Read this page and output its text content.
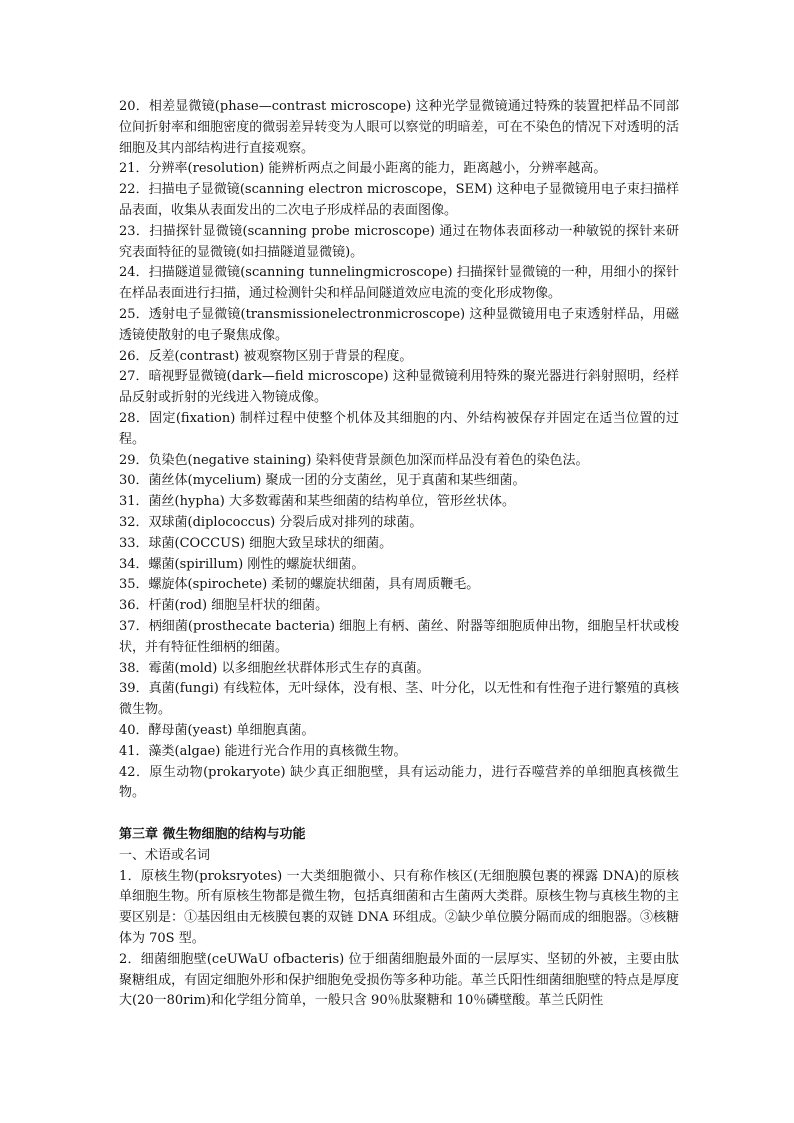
20．相差显微镜(phase—contrast microscope) 这种光学显微镜通过特殊的装置把样品不同部位间折射率和细胞密度的微弱差异转变为人眼可以察觉的明暗差，可在不染色的情况下对透明的活细胞及其内部结构进行直接观察。

21．分辨率(resolution) 能辨析两点之间最小距离的能力，距离越小，分辨率越高。

22．扫描电子显微镜(scanning electron microscope，SEM) 这种电子显微镜用电子束扫描样品表面，收集从表面发出的二次电子形成样品的表面图像。

23．扫描探针显微镜(scanning probe microscope) 通过在物体表面移动一种敏锐的探针来研究表面特征的显微镜(如扫描隧道显微镜)。

24．扫描隧道显微镜(scanning tunnelingmicroscope) 扫描探针显微镜的一种，用细小的探针在样品表面进行扫描，通过检测针尖和样品间隧道效应电流的变化形成物像。

25．透射电子显微镜(transmissionelectronmicroscope) 这种显微镜用电子束透射样品，用磁透镜使散射的电子聚焦成像。

26．反差(contrast) 被观察物区别于背景的程度。

27．暗视野显微镜(dark—field microscope) 这种显微镜利用特殊的聚光器进行斜射照明，经样品反射或折射的光线进入物镜成像。

28．固定(fixation) 制样过程中使整个机体及其细胞的内、外结构被保存并固定在适当位置的过程。

29．负染色(negative staining) 染料使背景颜色加深而样品没有着色的染色法。

30．菌丝体(mycelium) 聚成一团的分支菌丝，见于真菌和某些细菌。

31．菌丝(hypha) 大多数霉菌和某些细菌的结构单位，管形丝状体。

32．双球菌(diplococcus) 分裂后成对排列的球菌。

33．球菌(COCCUS) 细胞大致呈球状的细菌。

34．螺菌(spirillum) 刚性的螺旋状细菌。

35．螺旋体(spirochete) 柔韧的螺旋状细菌，具有周质鞭毛。

36．杆菌(rod) 细胞呈杆状的细菌。

37．柄细菌(prosthecate bacteria) 细胞上有柄、菌丝、附器等细胞质伸出物，细胞呈杆状或梭状，并有特征性细柄的细菌。

38．霉菌(mold) 以多细胞丝状群体形式生存的真菌。

39．真菌(fungi) 有线粒体，无叶绿体，没有根、茎、叶分化，以无性和有性孢子进行繁殖的真核微生物。

40．酵母菌(yeast) 单细胞真菌。

41．藻类(algae) 能进行光合作用的真核微生物。

42．原生动物(prokaryote) 缺少真正细胞壁，具有运动能力，进行吞噬营养的单细胞真核微生物。

第三章 微生物细胞的结构与功能

一、术语或名词

1．原核生物(proksryotes) 一大类细胞微小、只有称作核区(无细胞膜包裹的裸露 DNA)的原核单细胞生物。所有原核生物都是微生物，包括真细菌和古生菌两大类群。原核生物与真核生物的主要区别是：①基因组由无核膜包裹的双链 DNA 环组成。②缺少单位膜分隔而成的细胞器。③核糖体为 70S 型。

2．细菌细胞壁(ceUWaU ofbacteris) 位于细菌细胞最外面的一层厚实、坚韧的外被，主要由肽聚糖组成，有固定细胞外形和保护细胞免受损伤等多种功能。革兰氏阳性细菌细胞壁的特点是厚度大(20一80rim)和化学组分简单，一般只含 90％肽聚糖和 10％磷壁酸。革兰氏阴性
